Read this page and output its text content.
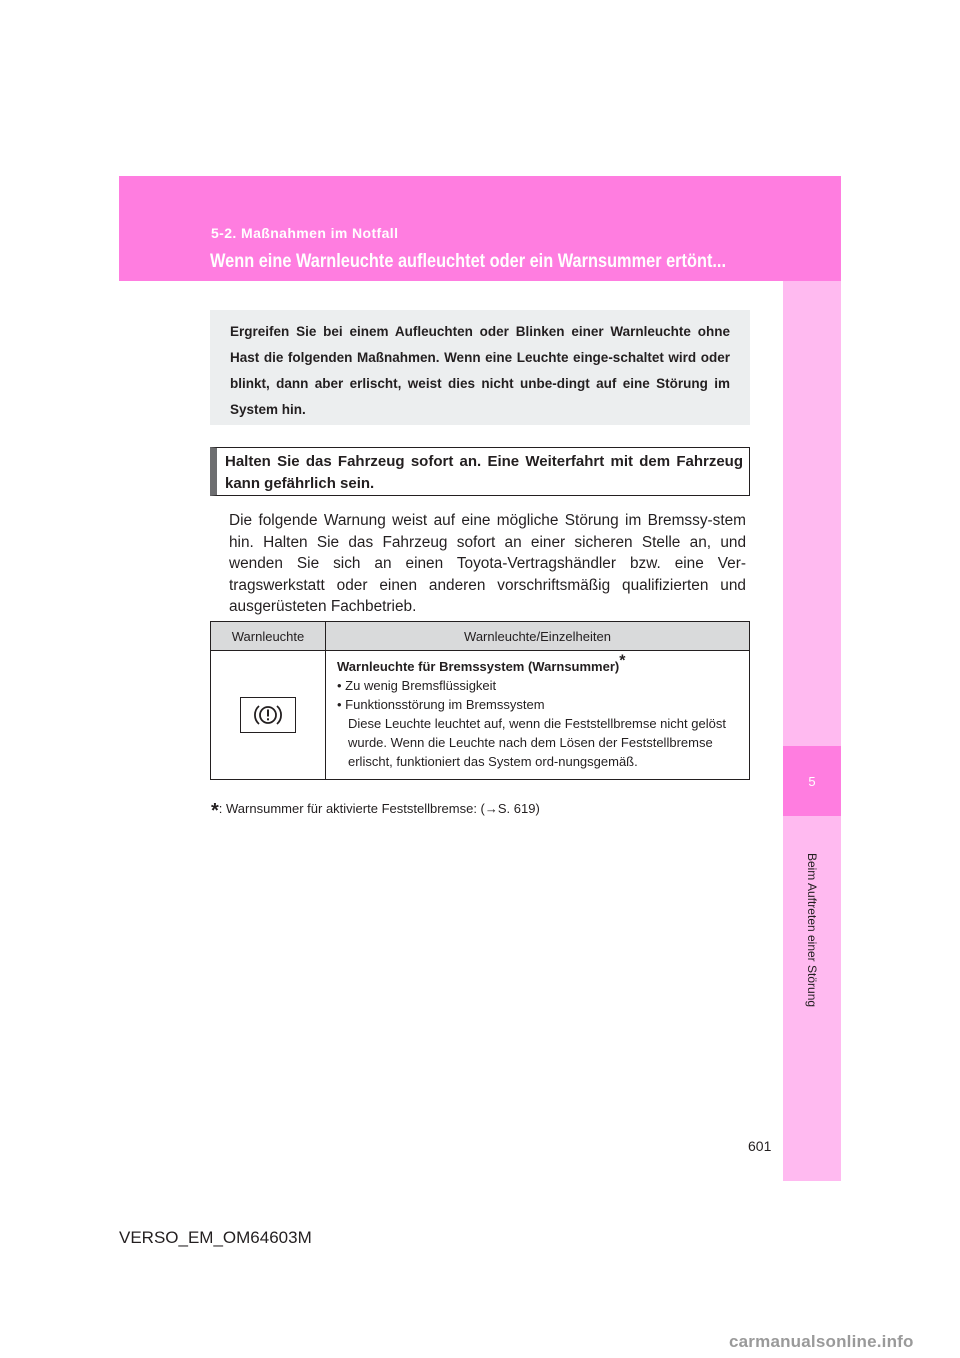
5-2. Maßnahmen im Notfall
Wenn eine Warnleuchte aufleuchtet oder ein Warnsummer ertönt...
5
Beim Auftreten einer Störung
Ergreifen Sie bei einem Aufleuchten oder Blinken einer Warnleuchte ohne Hast die folgenden Maßnahmen. Wenn eine Leuchte einge-schaltet wird oder blinkt, dann aber erlischt, weist dies nicht unbe-dingt auf eine Störung im System hin.
Halten Sie das Fahrzeug sofort an. Eine Weiterfahrt mit dem Fahrzeug kann gefährlich sein.
Die folgende Warnung weist auf eine mögliche Störung im Bremssy-stem hin. Halten Sie das Fahrzeug sofort an einer sicheren Stelle an, und wenden Sie sich an einen Toyota-Vertragshändler bzw. eine Ver-tragswerkstatt oder einen anderen vorschriftsmäßig qualifizierten und ausgerüsteten Fachbetrieb.
Warnleuchte	Warnleuchte/Einzelheiten

Warnleuchte für Bremssystem (Warnsummer)*
• Zu wenig Bremsflüssigkeit
• Funktionsstörung im Bremssystem
Diese Leuchte leuchtet auf, wenn die Feststellbremse nicht gelöst wurde. Wenn die Leuchte nach dem Lösen der Feststellbremse erlischt, funktioniert das System ord-nungsgemäß.
*: Warnsummer für aktivierte Feststellbremse: (→S. 619)
601
VERSO_EM_OM64603M
carmanualsonline.info
